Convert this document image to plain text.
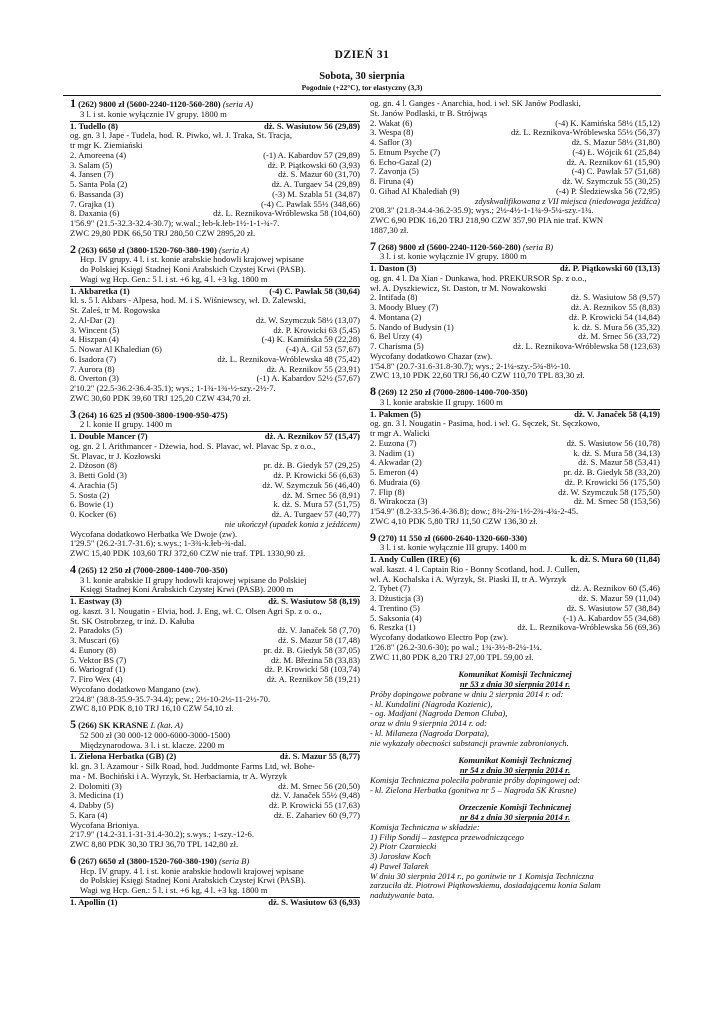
DZIEŃ 31
Sobota, 30 sierpnia
Pogodnie (+22°C), tor elastyczny (3,3)
1 (262) 9800 zł (5600-2240-1120-560-280) (seria A)
3 l. i st. konie wyłącznie IV grupy. 1800 m
1. Tudello (8)	dż. S. Wasiutow 56 (29,89)
og. gn. 3 l. Jape - Tudela, hod. R. Piwko, wł. J. Traka, St. Tracja,
tr mgr K. Ziemiański
2. Amoreena (4)	(-1) A. Kabardov 57 (29,89)
3. Salam (5)	dż. P. Piątkowski 60 (3,93)
4. Jansen (7)	dż. S. Mazur 60 (31,70)
5. Santa Pola (2)	dż. A. Turgaev 54 (29,89)
6. Bassanda (3)	(-3) M. Szabla 51 (34,87)
7. Grajka (1)	(-4) C. Pawlak 55½ (348,66)
8. Daxania (6)	dż. L. Reznikova-Wróblewska 58 (104,60)
1'56.9" (21.5-32.3-32.4-30.7); w.wal.; łeb-k.łeb-1½-1-1-¾-7.
ZWC 29,80 PDK 66,50 TRJ 280,50 CZW 2895,20 zł.
2 (263) 6650 zł (3800-1520-760-380-190) (seria A)
Hcp. IV grupy. 4 l. i st. konie arabskie hodowli krajowej wpisane
do Polskiej Księgi Stadnej Koni Arabskich Czystej Krwi (PASB).
Wagi wg Hcp. Gen.: 5 l. i st. +6 kg, 4 l. +3 kg. 1800 m
1. Akbaretka (1)	(-4) C. Pawlak 58 (30,64)
kl. s. 5 l. Akbars - Alpesa, hod. M. i S. Wiśniewscy, wł. D. Zalewski,
St. Zaleś, tr M. Rogowska
2. Al-Dar (2)	dż. W. Szymczuk 58½ (13,07)
3. Wincent (5)	dż. P. Krowicki 63 (5,45)
4. Hiszpan (4)	(-4) K. Kamińska 59 (22,28)
5. Nowar Al Khaledian (6)	(-4) A. Gil 53 (57,67)
6. Isadora (7)	dż. L. Reznikova-Wróblewska 48 (75,42)
7. Aurora (8)	dż. A. Reznikov 55 (23,91)
8. Overton (3)	(-1) A. Kabardov 52½ (57,67)
2'10.2" (22.5-36.2-36.4-35.1); wys.; 1-1¾-1¾-½-szy.-2½-7.
ZWC 30,60 PDK 39,60 TRJ 125,20 CZW 434,70 zł.
3 (264) 16 625 zł (9500-3800-1900-950-475)
2 l. konie II grupy. 1400 m
1. Double Mancer (7)	dż. A. Reznikov 57 (15,47)
og. gn. 2 l. Arithmancer - Dżewia, hod. S. Plavac, wł. Plavac Sp. z o.o.,
St. Plavac, tr J. Kozłowski
2. Dżoson (8)	pr. dż. B. Giedyk 57 (29,25)
3. Betti Gold (3)	dż. P. Krowicki 56 (6,63)
4. Arachia (5)	dż. W. Szymczuk 56 (46,40)
5. Sosta (2)	dż. M. Srnec 56 (8,91)
6. Bowie (1)	k. dż. S. Mura 57 (51,75)
0. Kocker (6)	dż. A. Turgaev 57 (40,77)
nie ukończył (upadek konia z jeźdźcem)
Wycofana dodatkowo Herbatka We Dwoje (zw).
1'29.5" (26.2-31.7-31.6); s.wys.; 1-3¾-k.łeb-¾-dal.
ZWC 15,40 PDK 103,60 TRJ 372,60 CZW nie traf. TPL 1330,90 zł.
4 (265) 12 250 zł (7000-2800-1400-700-350)
3 l. konie arabskie II grupy hodowli krajowej wpisane do Polskiej
Księgi Stadnej Koni Arabskich Czystej Krwi (PASB). 2000 m
1. Eastway (3)	dż. S. Wasiutow 58 (8,19)
og. kaszt. 3 l. Nougatin - Elvia, hod. J. Eng, wł. C. Olsen Agri Sp. z o. o.,
St. SK Ostrobrzeg, tr inż. D. Kałuba
2. Paradoks (5)	dż. V. Janaček 58 (7,70)
3. Muscari (6)	dż. S. Mazur 58 (17,48)
4. Eunory (8)	pr. dż. B. Giedyk 58 (37,05)
5. Vektor BS (7)	dż. M. Březina 58 (33,83)
6. Wariograf (1)	dż. P. Krowicki 58 (103,74)
7. Firo Wex (4)	dż. A. Reznikov 58 (19,21)
Wycofano dodatkowo Mangano (zw).
2'24.8" (38.8-35.9-35.7-34.4); pew.; 2½-10-2½-11-2½-70.
ZWC 8,10 PDK 8,10 TRJ 16,10 CZW 54,10 zł.
5 (266) SK KRASNE L (kat. A)
52 500 zł (30 000-12 000-6000-3000-1500)
Międzynarodowa. 3 l. i st. klacze. 2200 m
1. Zielona Herbatka (GB) (2)	dż. S. Mazur 55 (8,77)
kl. gn. 3 l. Azamour - Silk Road, hod. Juddmonte Farms Ltd, wł. Bohe-
ma - M. Bochiński i A. Wyrzyk, St. Herbaciarnia, tr A. Wyrzyk
2. Dolomiti (3)	dż. M. Srnec 56 (20,50)
3. Medicina (1)	dż. V. Janaček 55½ (9,48)
4. Dabby (5)	dż. P. Krowicki 55 (17,63)
5. Kara (4)	dż. E. Zahariev 60 (9,77)
Wycofana Brioniya.
2'17.9" (14.2-31.1-31-31.4-30.2); s.wys.; 1-szy.-12-6.
ZWC 8,80 PDK 30,30 TRJ 36,70 TPL 142,80 zł.
6 (267) 6650 zł (3800-1520-760-380-190) (seria B)
Hcp. IV grupy. 4 l. i st. konie arabskie hodowli krajowej wpisane
do Polskiej Księgi Stadnej Koni Arabskich Czystej Krwi (PASB).
Wagi wg Hcp. Gen.: 5 l. i st. +6 kg, 4 l. +3 kg. 1800 m
1. Apollin (1)	dż. S. Wasiutow 63 (6,93)
og. gn. 4 l. Ganges - Anarchia, hod. i wł. SK Janów Podlaski,
St. Janów Podlaski, tr B. Strójwąs
2. Wakat (6)	(-4) K. Kamińska 58½ (15,12)
3. Wespa (8)	dż. L. Reznikova-Wróblewska 55½ (56,37)
4. Saflor (3)	dż. S. Mazur 58½ (31,80)
5. Etnum Psyche (7)	(-4) Ł. Wójcik 61 (25,84)
6. Echo-Gazal (2)	dż. A. Reznikov 61 (15,90)
7. Zavonja (5)	(-4) C. Pawlak 57 (51,68)
8. Firuna (4)	dż. W. Szymczuk 55 (30,25)
0. Gihad Al Khalediah (9)	(-4) P. Śledziewska 56 (72,95)
zdyskwalifikowana z VII miejsca (niedowaga jeźdźca)
2'08.3" (21.8-34.4-36.2-35.9); wys.; 2½-4½-1-1¾-9-5¼-szy.-1¼.
ZWC 6,90 PDK 16,20 TRJ 218,90 CZW 357,90 PIA nie traf. KWN
1887,30 zł.
7 (268) 9800 zł (5600-2240-1120-560-280) (seria B)
3 l. i st. konie wyłącznie IV grupy. 1800 m
1. Daston (3)	dż. P. Piątkowski 60 (13,13)
og. gn. 4 l. Da Xian - Dunkawa, hod. PREKURSOR Sp. z o.o.,
wł. A. Dyszkiewicz, St. Daston, tr M. Nowakowski
2. Intifada (8)	dż. S. Wasiutow 58 (9,57)
3. Moody Bluey (7)	dż. A. Reznikov 55 (8,83)
4. Montana (2)	dż. P. Krowicki 54 (14,84)
5. Nando of Budysin (1)	k. dż. S. Mura 56 (35,32)
6. Bel Urzy (4)	dż. M. Srnec 56 (33,72)
7. Charisma (5)	dż. L. Reznikova-Wróblewska 58 (123,63)
Wycofany dodatkowo Chazar (zw).
1'54.8" (20.7-31.6-31.8-30.7); wys.; 2-1¼-szy.-5¾-8½-10.
ZWC 13,10 PDK 22,60 TRJ 56,40 CZW 110,70 TPL 83,30 zł.
8 (269) 12 250 zł (7000-2800-1400-700-350)
3 l. konie arabskie II grupy. 1600 m
1. Pakmen (5)	dż. V. Janaček 58 (4,19)
og. gn. 3 l. Nougatin - Pasima, hod. i wł. G. Sęczek, St. Sęczkowo,
tr mgr A. Walicki
2. Euzona (7)	dż. S. Wasiutow 56 (10,78)
3. Nadim (1)	k. dż. S. Mura 58 (34,13)
4. Akwadar (2)	dż. S. Mazur 58 (53,41)
5. Emeron (4)	pr. dż. B. Giedyk 58 (33,20)
6. Mudraia (6)	dż. P. Krowicki 56 (175,50)
7. Flip (8)	dż. W. Szymczuk 58 (175,50)
8. Wirakocza (3)	dż. M. Srnec 58 (153,56)
1'54.9" (8.2-33.5-36.4-36.8); dow.; 8¾-2¾-1½-2¾-4¾-2-45.
ZWC 4,10 PDK 5,80 TRJ 11,50 CZW 136,30 zł.
9 (270) 11 550 zł (6600-2640-1320-660-330)
3 l. i st. konie wyłącznie III grupy. 1400 m
1. Andy Cullen (IRE) (6)	k. dż. S. Mura 60 (11,84)
wał. kaszt. 4 l. Captain Rio - Bonny Scotland, hod. J. Cullen,
wł. A. Kochalska i A. Wyrzyk, St. Piaski II, tr A. Wyrzyk
2. Tybet (7)	dż. A. Reznikov 60 (5,46)
3. Dżusticja (3)	dż. S. Mazur 59 (11,04)
4. Trentino (5)	dż. S. Wasiutow 57 (38,84)
5. Saksonia (4)	(-1) A. Kabardov 55 (34,68)
6. Reszka (1)	dż. L. Reznikova-Wróblewska 56 (69,36)
Wycofany dodatkowo Electro Pop (zw).
1'26.8" (26.2-30.6-30); po wal.; 1¾-3½-8-2¼-1¼.
ZWC 11,80 PDK 8,20 TRJ 27,00 TPL 59,00 zł.
Komunikat Komisji Technicznej
nr 53 z dnia 30 sierpnia 2014 r.
Próby dopingowe pobrane w dniu 2 sierpnia 2014 r. od:
- kl. Kundalini (Nagroda Kozienic),
- og. Madjani (Nagroda Demon Cluba),
oraz w dniu 9 sierpnia 2014 r. od:
- kl. Milaneza (Nagroda Dorpata),
nie wykazały obecności substancji prawnie zabronionych.
Komunikat Komisji Technicznej
nr 54 z dnia 30 sierpnia 2014 r.
Komisja Techniczna poleciła pobranie próby dopingowej od:
- kl. Zielona Herbatka (gonitwa nr 5 – Nagroda SK Krasne)
Orzeczenie Komisji Technicznej
nr 84 z dnia 30 sierpnia 2014 r.
Komisja Techniczna w składzie:
1) Filip Sondij – zastępca przewodniczącego
2) Piotr Czarniecki
3) Jarosław Koch
4) Paweł Talarek
W dniu 30 sierpnia 2014 r., po gonitwie nr 1 Komisja Techniczna
zarzuciła dż. Piotrowi Piątkowskiemu, dosiadającemu konia Salam
nadużywanie bata.
